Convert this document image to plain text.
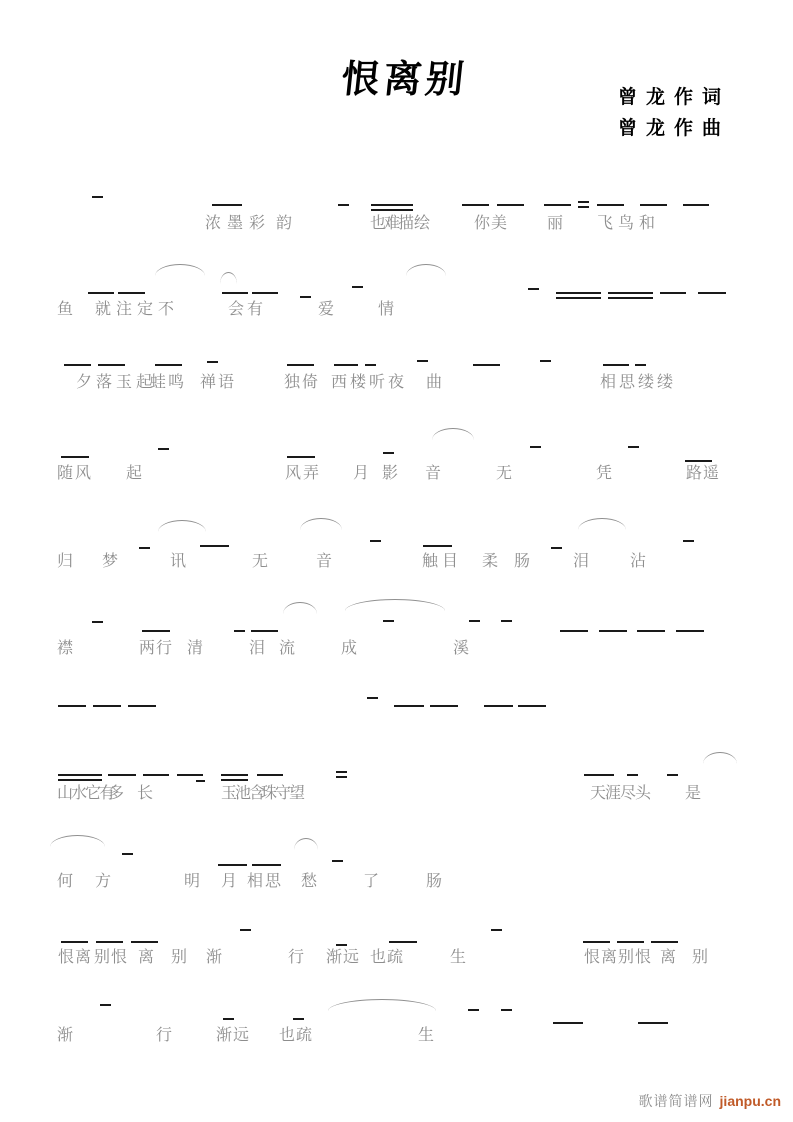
恨离别	曾龙作词
曾龙作曲
浓墨彩 韵	也难描 绘 你美 丽 飞鸟和
鱼 就注定不	会有	爱 情
夕落玉起
蛙鸣 禅语	独倚 西楼听夜 曲	相思缕缕
随风 起	风弄 月 影 音	无	凭	路遥
归 梦	讯	无	音	触目 柔 肠 泪 沾
襟	两行 清	泪 流	成	溪
山水它有
多 长	玉池含
珠守望	天涯尽头 是
何 方	明 月 相思 愁	了	肠
恨离 别恨 离 别 渐	行 渐远 也疏	生	恨离 别恨 离 别
渐	行 渐远 也疏	生
歌谱简谱网 jianpu.cn
